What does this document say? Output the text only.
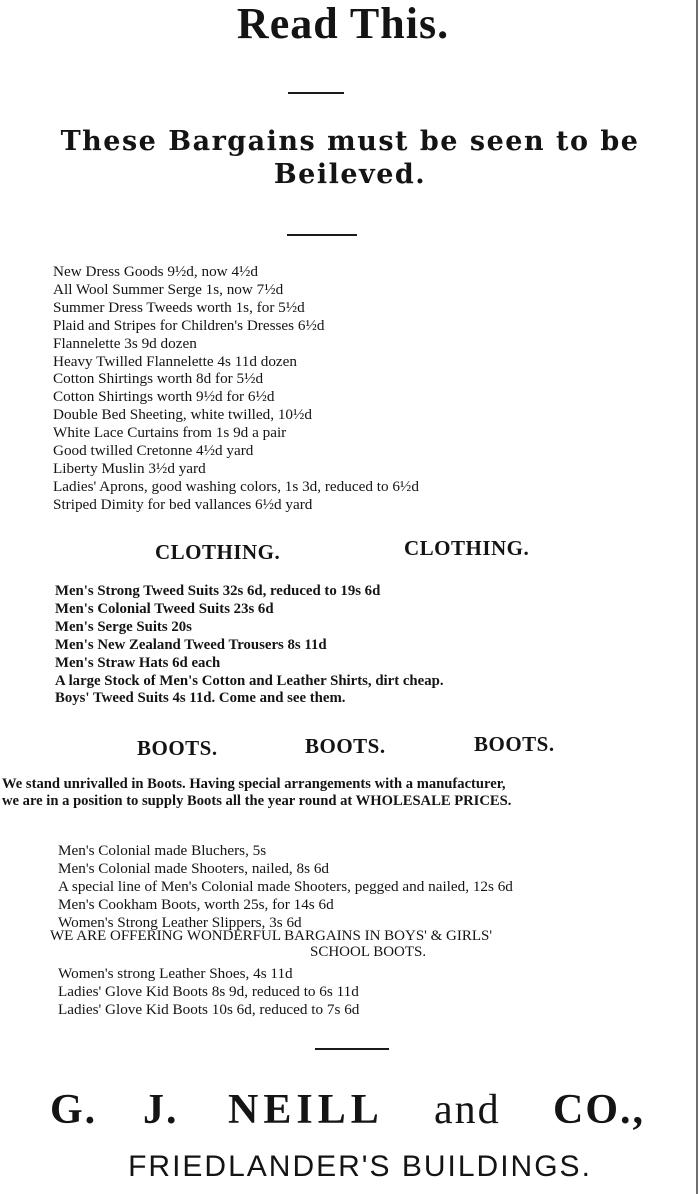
Read This.
These Bargains must be seen to be
Beileved.
New Dress Goods 9½d, now 4½d
All Wool Summer Serge 1s, now 7½d
Summer Dress Tweeds worth 1s, for 5½d
Plaid and Stripes for Children's Dresses 6½d
Flannelette 3s 9d dozen
Heavy Twilled Flannelette 4s 11d dozen
Cotton Shirtings worth 8d for 5½d
Cotton Shirtings worth 9½d for 6½d
Double Bed Sheeting, white twilled, 10½d
White Lace Curtains from 1s 9d a pair
Good twilled Cretonne 4½d yard
Liberty Muslin 3½d yard
Ladies' Aprons, good washing colors, 1s 3d, reduced to 6½d
Striped Dimity for bed vallances 6½d yard
CLOTHING.	CLOTHING.
Men's Strong Tweed Suits 32s 6d, reduced to 19s 6d
Men's Colonial Tweed Suits 23s 6d
Men's Serge Suits 20s
Men's New Zealand Tweed Trousers 8s 11d
Men's Straw Hats 6d each
A large Stock of Men's Cotton and Leather Shirts, dirt cheap.
Boys' Tweed Suits 4s 11d. Come and see them.
BOOTS.	BOOTS.	BOOTS.
We stand unrivalled in Boots. Having special arrangements with a manufacturer,
we are in a position to supply Boots all the year round at WHOLESALE PRICES.
Men's Colonial made Bluchers, 5s
Men's Colonial made Shooters, nailed, 8s 6d
A special line of Men's Colonial made Shooters, pegged and nailed, 12s 6d
Men's Cookham Boots, worth 25s, for 14s 6d
Women's Strong Leather Slippers, 3s 6d
WE ARE OFFERING WONDERFUL BARGAINS IN BOYS' & GIRLS'
SCHOOL BOOTS.
Women's strong Leather Shoes, 4s 11d
Ladies' Glove Kid Boots 8s 9d, reduced to 6s 11d
Ladies' Glove Kid Boots 10s 6d, reduced to 7s 6d
G. J. NEILL and CO.,
FRIEDLANDER'S BUILDINGS.
